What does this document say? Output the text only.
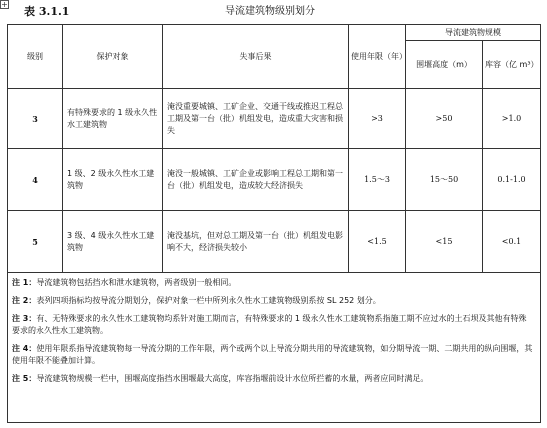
+
表 3.1.1	导流建筑物级别划分
级别	保护对象	失事后果	使用年限（年）	导流建筑物规模	
				围堰高度（m）	库容（亿 m³）
3	有特殊要求的 1 级永久性水工建筑物	淹没重要城镇、工矿企业、交通干线或推迟工程总工期及第一台（批）机组发电，造成重大灾害和损失	>3	>50	>1.0
4	1 级、2 级永久性水工建筑物	淹没一般城镇、工矿企业或影响工程总工期和第一台（批）机组发电，造成较大经济损失	1.5～3	15～50	0.1-1.0
5	3 级、4 级永久性水工建筑物	淹没基坑，但对总工期及第一台（批）机组发电影响不大，经济损失较小	<1.5	<15	<0.1

注 1：导流建筑物包括挡水和泄水建筑物，两者级别一般相同。
注 2：表列四项指标均按导流分期划分，保护对象一栏中所列永久性水工建筑物级别系按 SL 252 划分。
注 3：有、无特殊要求的永久性水工建筑物均系针对施工期而言，有特殊要求的 1 级永久性水工建筑物系指施工期不应过水的土石坝及其他有特殊要求的永久性水工建筑物。
注 4：使用年限系指导流建筑物每一导流分期的工作年限，两个或两个以上导流分期共用的导流建筑物，如分期导流一期、二期共用的纵向围堰，其使用年限不能叠加计算。
注 5：导流建筑物规模一栏中，围堰高度指挡水围堰最大高度，库容指堰前设计水位所拦蓄的水量，两者应同时满足。					
